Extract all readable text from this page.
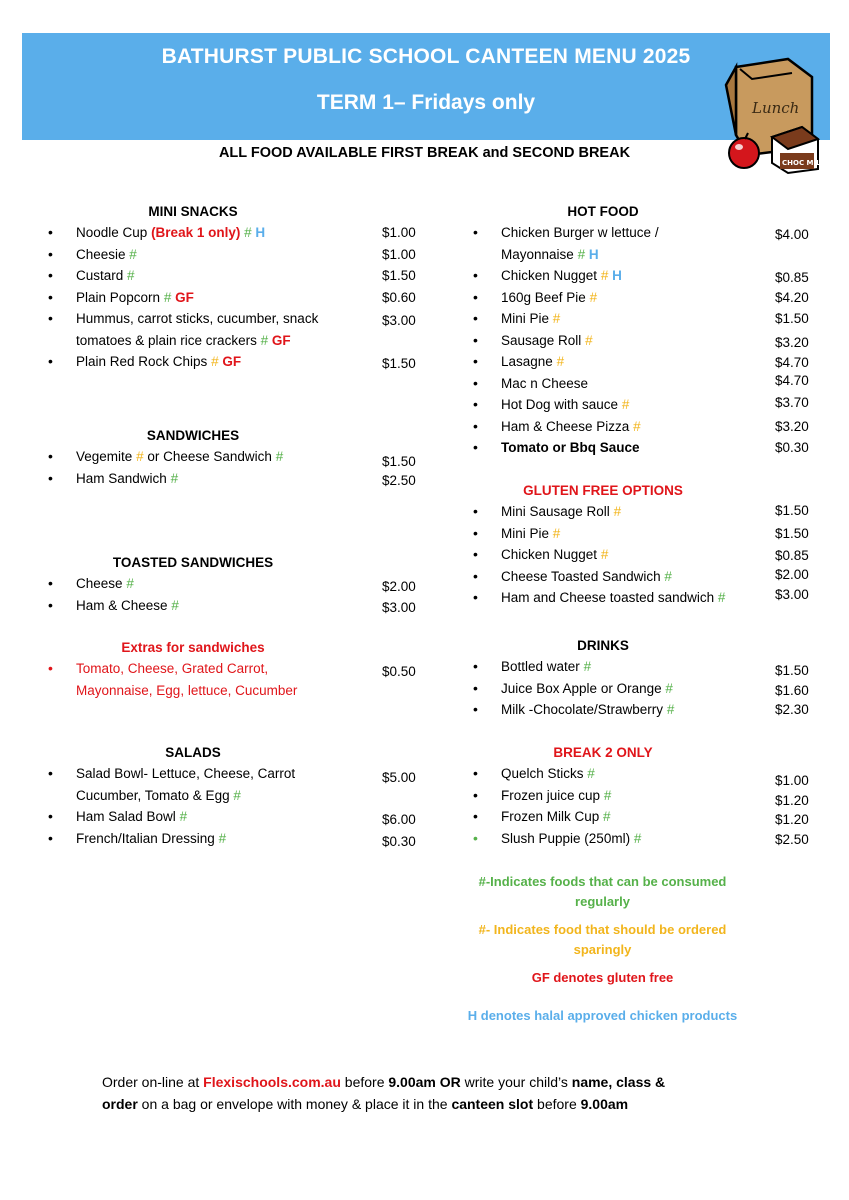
BATHURST PUBLIC SCHOOL CANTEEN MENU 2025
TERM 1– Fridays only	Lunch
CHOC MILK
ALL FOOD AVAILABLE FIRST BREAK and SECOND BREAK
MINI SNACKS
•
Noodle Cup (Break 1 only) # H	$1.00
•
Cheesie #	$1.00
•
Custard #	$1.50
•
Plain Popcorn # GF	$0.60
•
Hummus, carrot sticks, cucumber, snack
tomatoes & plain rice crackers # GF
$3.00
•
Plain Red Rock Chips # GF	$1.50
SANDWICHES
•
Vegemite # or Cheese Sandwich #	$1.50
•
Ham Sandwich #	$2.50
TOASTED SANDWICHES
•
Cheese #	$2.00
•
Ham & Cheese #	$3.00
Extras for sandwiches
•
Tomato, Cheese, Grated Carrot,
Mayonnaise, Egg, lettuce, Cucumber
$0.50
SALADS
•
Salad Bowl- Lettuce, Cheese, Carrot
Cucumber, Tomato & Egg #
$5.00
•
Ham Salad Bowl #	$6.00
•
French/Italian Dressing #	$0.30
HOT FOOD
•
Chicken Burger w lettuce /
Mayonnaise # H
$4.00
•
Chicken Nugget # H	$0.85
•
160g Beef Pie #	$4.20
•
Mini Pie #	$1.50
•
Sausage Roll #	$3.20
•
Lasagne #	$4.70
•
Mac n Cheese	$4.70
•
Hot Dog with sauce #	$3.70
•
Ham & Cheese Pizza #	$3.20
•
Tomato or Bbq Sauce	$0.30
GLUTEN FREE OPTIONS
•
Mini Sausage Roll #	$1.50
•
Mini Pie #	$1.50
•
Chicken Nugget #	$0.85
•
Cheese Toasted Sandwich #	$2.00
•
Ham and Cheese toasted sandwich #	$3.00
DRINKS
•
Bottled water #	$1.50
•
Juice Box Apple or Orange #	$1.60
•
Milk -Chocolate/Strawberry #	$2.30
BREAK 2 ONLY
•
Quelch Sticks #	$1.00
•
Frozen juice cup #	$1.20
•
Frozen Milk Cup #	$1.20
•
Slush Puppie (250ml) #	$2.50
#-Indicates foods that can be consumed
regularly
#- Indicates food that should be ordered
sparingly
GF denotes gluten free
H denotes halal approved chicken products
Order on-line at Flexischools.com.au before 9.00am OR write your child’s name, class &
order on a bag or envelope with money & place it in the canteen slot before 9.00am
